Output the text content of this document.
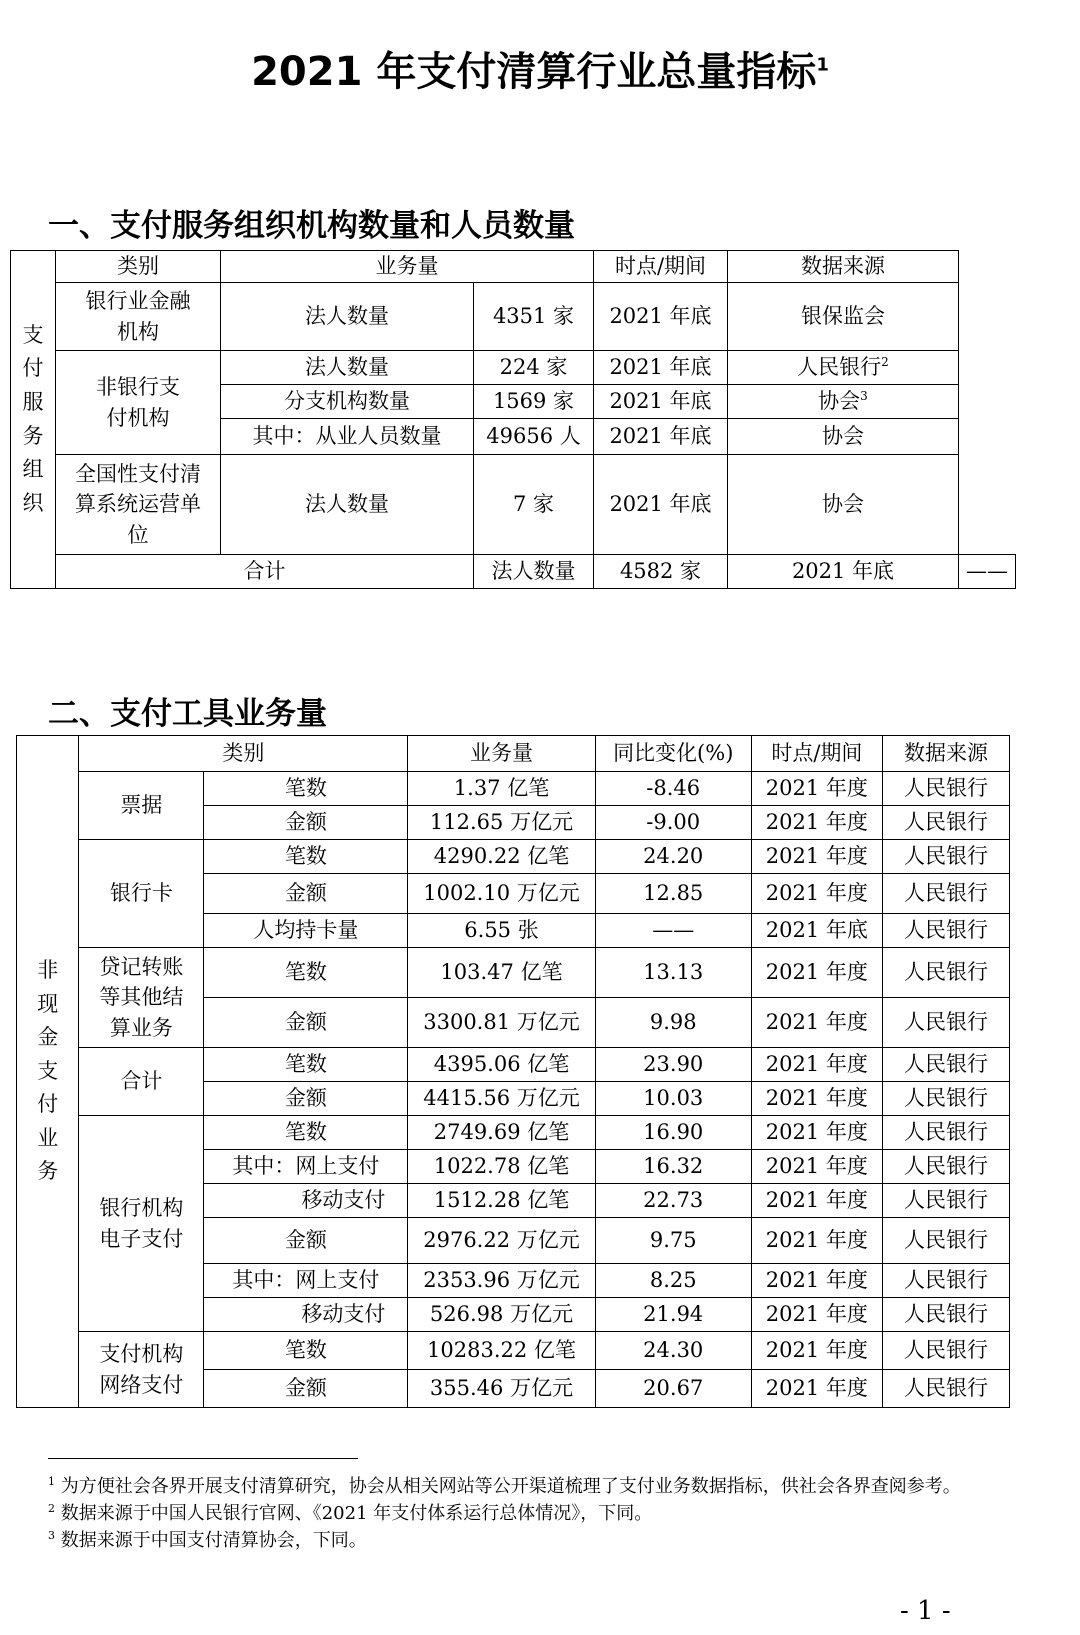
2021 年支付清算行业总量指标$^1$
一、支付服务组织机构数量和人员数量
支付服务组织	类别	业务量		时点/期间	数据来源	
	银行业金融机构	法人数量	4351 家	2021 年底	银保监会	
	非银行支付机构	法人数量	224 家	2021 年底	人民银行$^2$
		分支机构数量	1569 家	2021 年底	协会$^3$
		其中：从业人员数量	49656 人	2021 年底	协会	
	全国性支付清算系统运营单位	法人数量	7 家	2021 年底	协会	
	合计		法人数量	4582 家	2021 年底	——
二、支付工具业务量
非现金支付业务	类别		业务量	同比变化(%)	时点/期间	数据来源
	票据	笔数	1.37 亿笔	-8.46	2021 年度	人民银行
		金额	112.65 万亿元	-9.00	2021 年度	人民银行
	银行卡	笔数	4290.22 亿笔	24.20	2021 年度	人民银行
		金额	1002.10 万亿元	12.85	2021 年度	人民银行
		人均持卡量	6.55 张	——	2021 年底	人民银行
	贷记转账等其他结算业务	笔数	103.47 亿笔	13.13	2021 年度	人民银行
		金额	3300.81 万亿元	9.98	2021 年度	人民银行
	合计	笔数	4395.06 亿笔	23.90	2021 年度	人民银行
		金额	4415.56 万亿元	10.03	2021 年度	人民银行
	银行机构电子支付	笔数	2749.69 亿笔	16.90	2021 年度	人民银行
		其中：网上支付	1022.78 亿笔	16.32	2021 年度	人民银行
		移动支付	1512.28 亿笔	22.73	2021 年度	人民银行
		金额	2976.22 万亿元	9.75	2021 年度	人民银行
		其中：网上支付	2353.96 万亿元	8.25	2021 年度	人民银行
		移动支付	526.98 万亿元	21.94	2021 年度	人民银行
	支付机构网络支付	笔数	10283.22 亿笔	24.30	2021 年度	人民银行
		金额	355.46 万亿元	20.67	2021 年度	人民银行

$^1$ 为方便社会各界开展支付清算研究，协会从相关网站等公开渠道梳理了支付业务数据指标，供社会各界查阅参考。

$^2$ 数据来源于中国人民银行官网、《2021 年支付体系运行总体情况》，下同。

$^3$ 数据来源于中国支付清算协会，下同。

- 1 -
